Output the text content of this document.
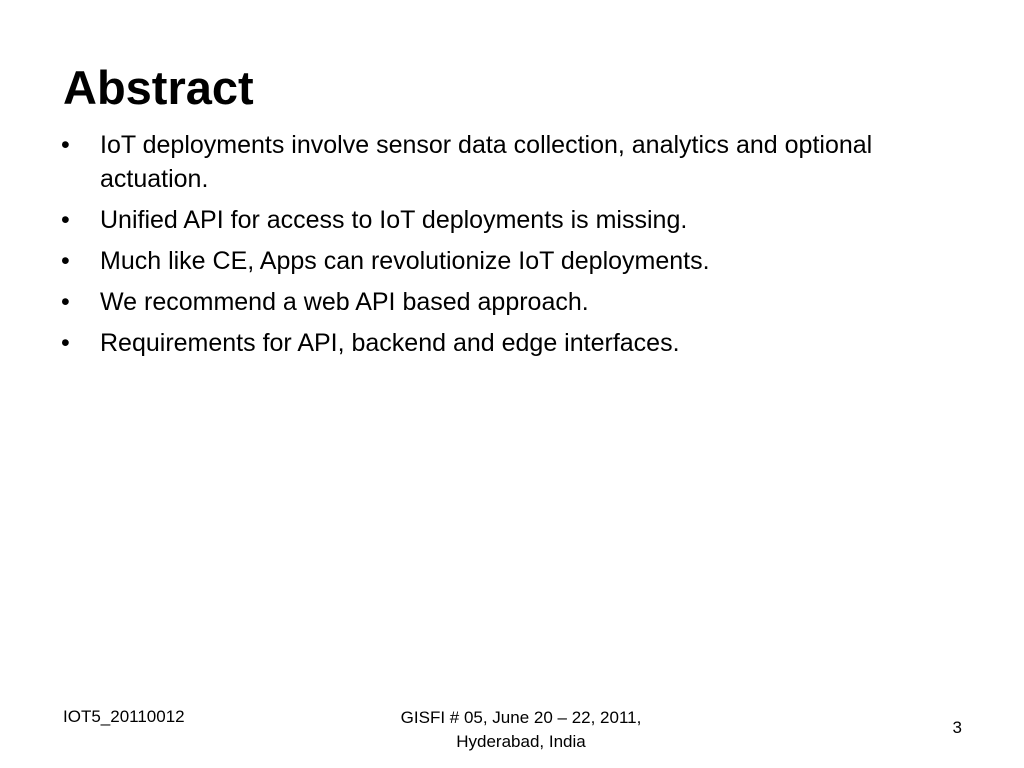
Abstract
•	IoT deployments involve sensor data collection, analytics and optional actuation.
•	Unified API for access to IoT deployments is missing.
•	Much like CE, Apps can revolutionize IoT deployments.
•	We recommend a web API based approach.
•	Requirements for API, backend and edge interfaces.
IOT5_20110012	GISFI # 05, June 20 – 22, 2011,
Hyderabad, India
3
